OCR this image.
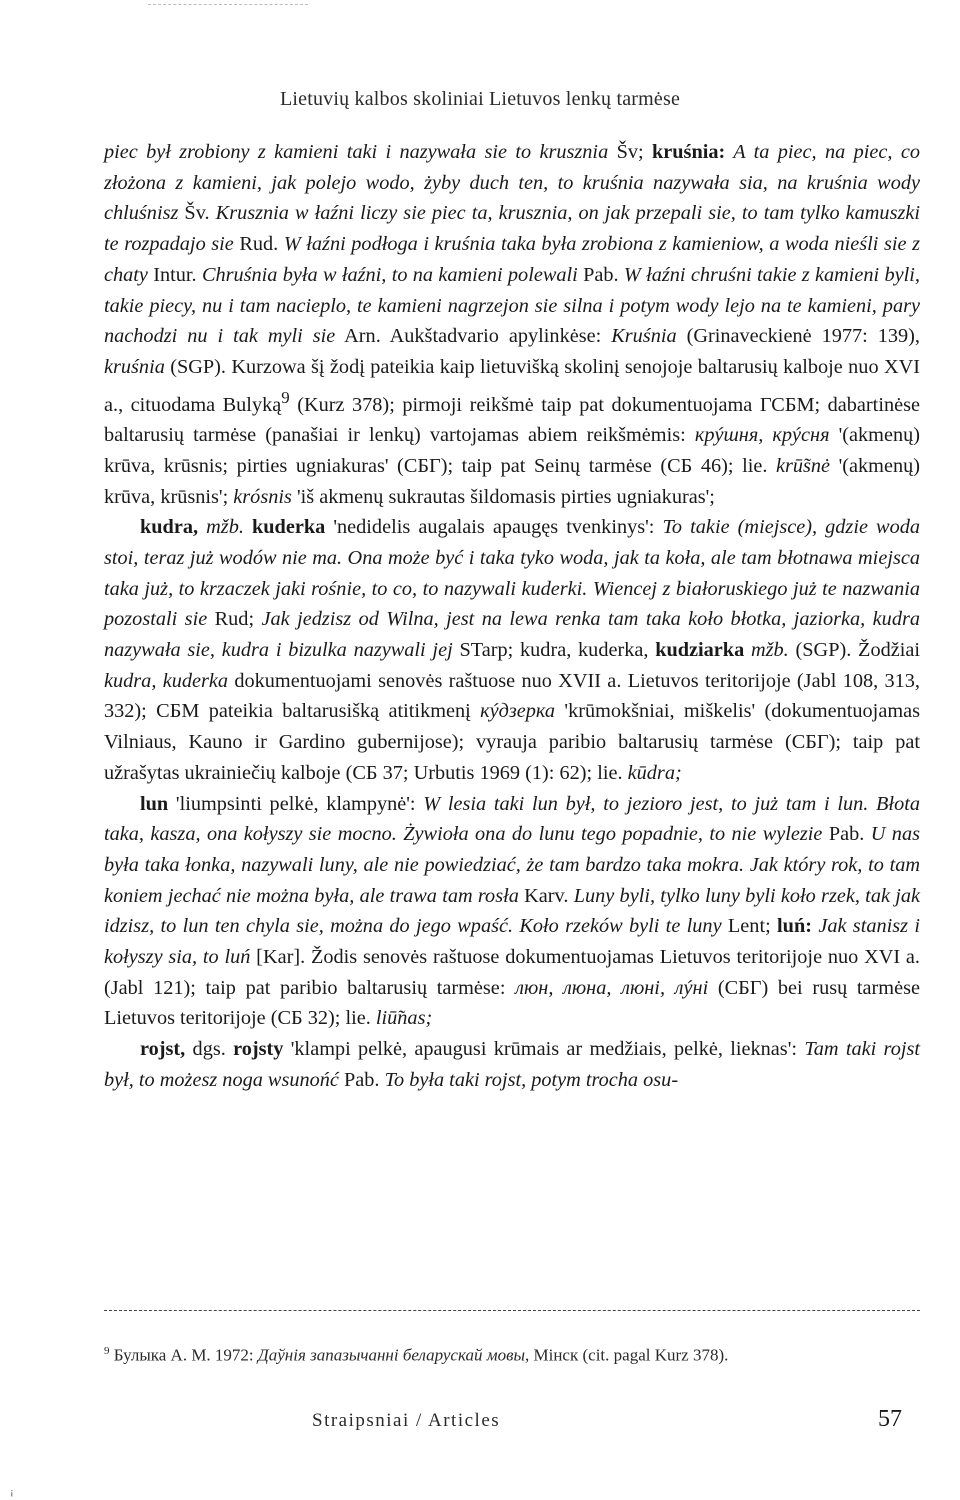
Lietuvių kalbos skoliniai Lietuvos lenkų tarmėse

piec był zrobiony z kamieni taki i nazywała sie to krusznia Šv; kruśnia: A ta piec, na piec, co złożona z kamieni, jak polejo wodo, żyby duch ten, to kruśnia nazywała sia, na kruśnia wody chluśnisz Šv. Krusznia w łaźni liczy sie piec ta, krusznia, on jak przepali sie, to tam tylko kamuszki te rozpadajo sie Rud. W łaźni podłoga i kruśnia taka była zrobiona z kamieniow, a woda nieśli sie z chaty Intur. Chruśnia była w łaźni, to na kamieni polewali Pab. W łaźni chruśni takie z kamieni byli, takie piecy, nu i tam nacieplo, te kamieni nagrzejon sie silna i potym wody lejo na te kamieni, pary nachodzi nu i tak myli sie Arn. Aukštadvario apylinkėse: Kruśnia (Grinaveckienė 1977: 139), kruśnia (SGP). Kurzowa šį žodį pateikia kaip lietuvišką skolinį senojoje baltarusių kalboje nuo XVI a., cituodama Bulyką$^9$ (Kurz 378); pirmoji reikšmė taip pat dokumentuojama ГСБМ; dabartinėse baltarusių tarmėse (panašiai ir lenkų) vartojamas abiem reikšmėmis: крýшня, крýсня '(akmenų) krūva, krūsnis; pirties ugniakuras' (СБГ); taip pat Seinų tarmėse (СБ 46); lie. krū̃snė '(akmenų) krūva, krūsnis'; krósnis 'iš akmenų sukrautas šildomasis pirties ugniakuras';

kudra, mžb. kuderka 'nedidelis augalais apaugęs tvenkinys': To takie (miejsce), gdzie woda stoi, teraz już wodów nie ma. Ona może być i taka tyko woda, jak ta koła, ale tam błotnawa miejsca taka już, to krzaczek jaki rośnie, to co, to nazywali kuderki. Wiencej z białoruskiego już te nazwania pozostali sie Rud; Jak jedzisz od Wilna, jest na lewa renka tam taka koło błotka, jaziorka, kudra nazywała sie, kudra i bizulka nazywali jej STarp; kudra, kuderka, kudziarka mžb. (SGP). Žodžiai kudra, kuderka dokumentuojami senovės raštuose nuo XVII a. Lietuvos teritorijoje (Jabl 108, 313, 332); СБМ pateikia baltarusišką atitikmenį кýдзерка 'krūmokšniai, miškelis' (dokumentuojamas Vilniaus, Kauno ir Gardino gubernijose); vyrauja paribio baltarusių tarmėse (СБГ); taip pat užrašytas ukrainiečių kalboje (СБ 37; Urbutis 1969 (1): 62); lie. kūdra;

lun 'liumpsinti pelkė, klampynė': W lesia taki lun był, to jezioro jest, to już tam i lun. Błota taka, kasza, ona kołyszy sie mocno. Żywioła ona do lunu tego popadnie, to nie wylezie Pab. U nas była taka łonka, nazywali luny, ale nie powiedziać, że tam bardzo taka mokra. Jak który rok, to tam koniem jechać nie można była, ale trawa tam rosła Karv. Luny byli, tylko luny byli koło rzek, tak jak idzisz, to lun ten chyla sie, można do jego wpaść. Koło rzeków byli te luny Lent; luń: Jak stanisz i kołyszy sia, to luń [Kar]. Žodis senovės raštuose dokumentuojamas Lietuvos teritorijoje nuo XVI a. (Jabl 121); taip pat paribio baltarusių tarmėse: люн, люна, люні, лýні (СБГ) bei rusų tarmėse Lietuvos teritorijoje (СБ 32); lie. liū̃nas;

rojst, dgs. rojsty 'klampi pelkė, apaugusi krūmais ar medžiais, pelkė, lieknas': Tam taki rojst był, to możesz noga wsunońć Pab. To była taki rojst, potym trocha osu-

$^9$ Булыка А. М. 1972: Даўнія запазычанні беларускай мовы, Мінск (cit. pagal Kurz 378).
Straipsniai / Articles	57
¡
